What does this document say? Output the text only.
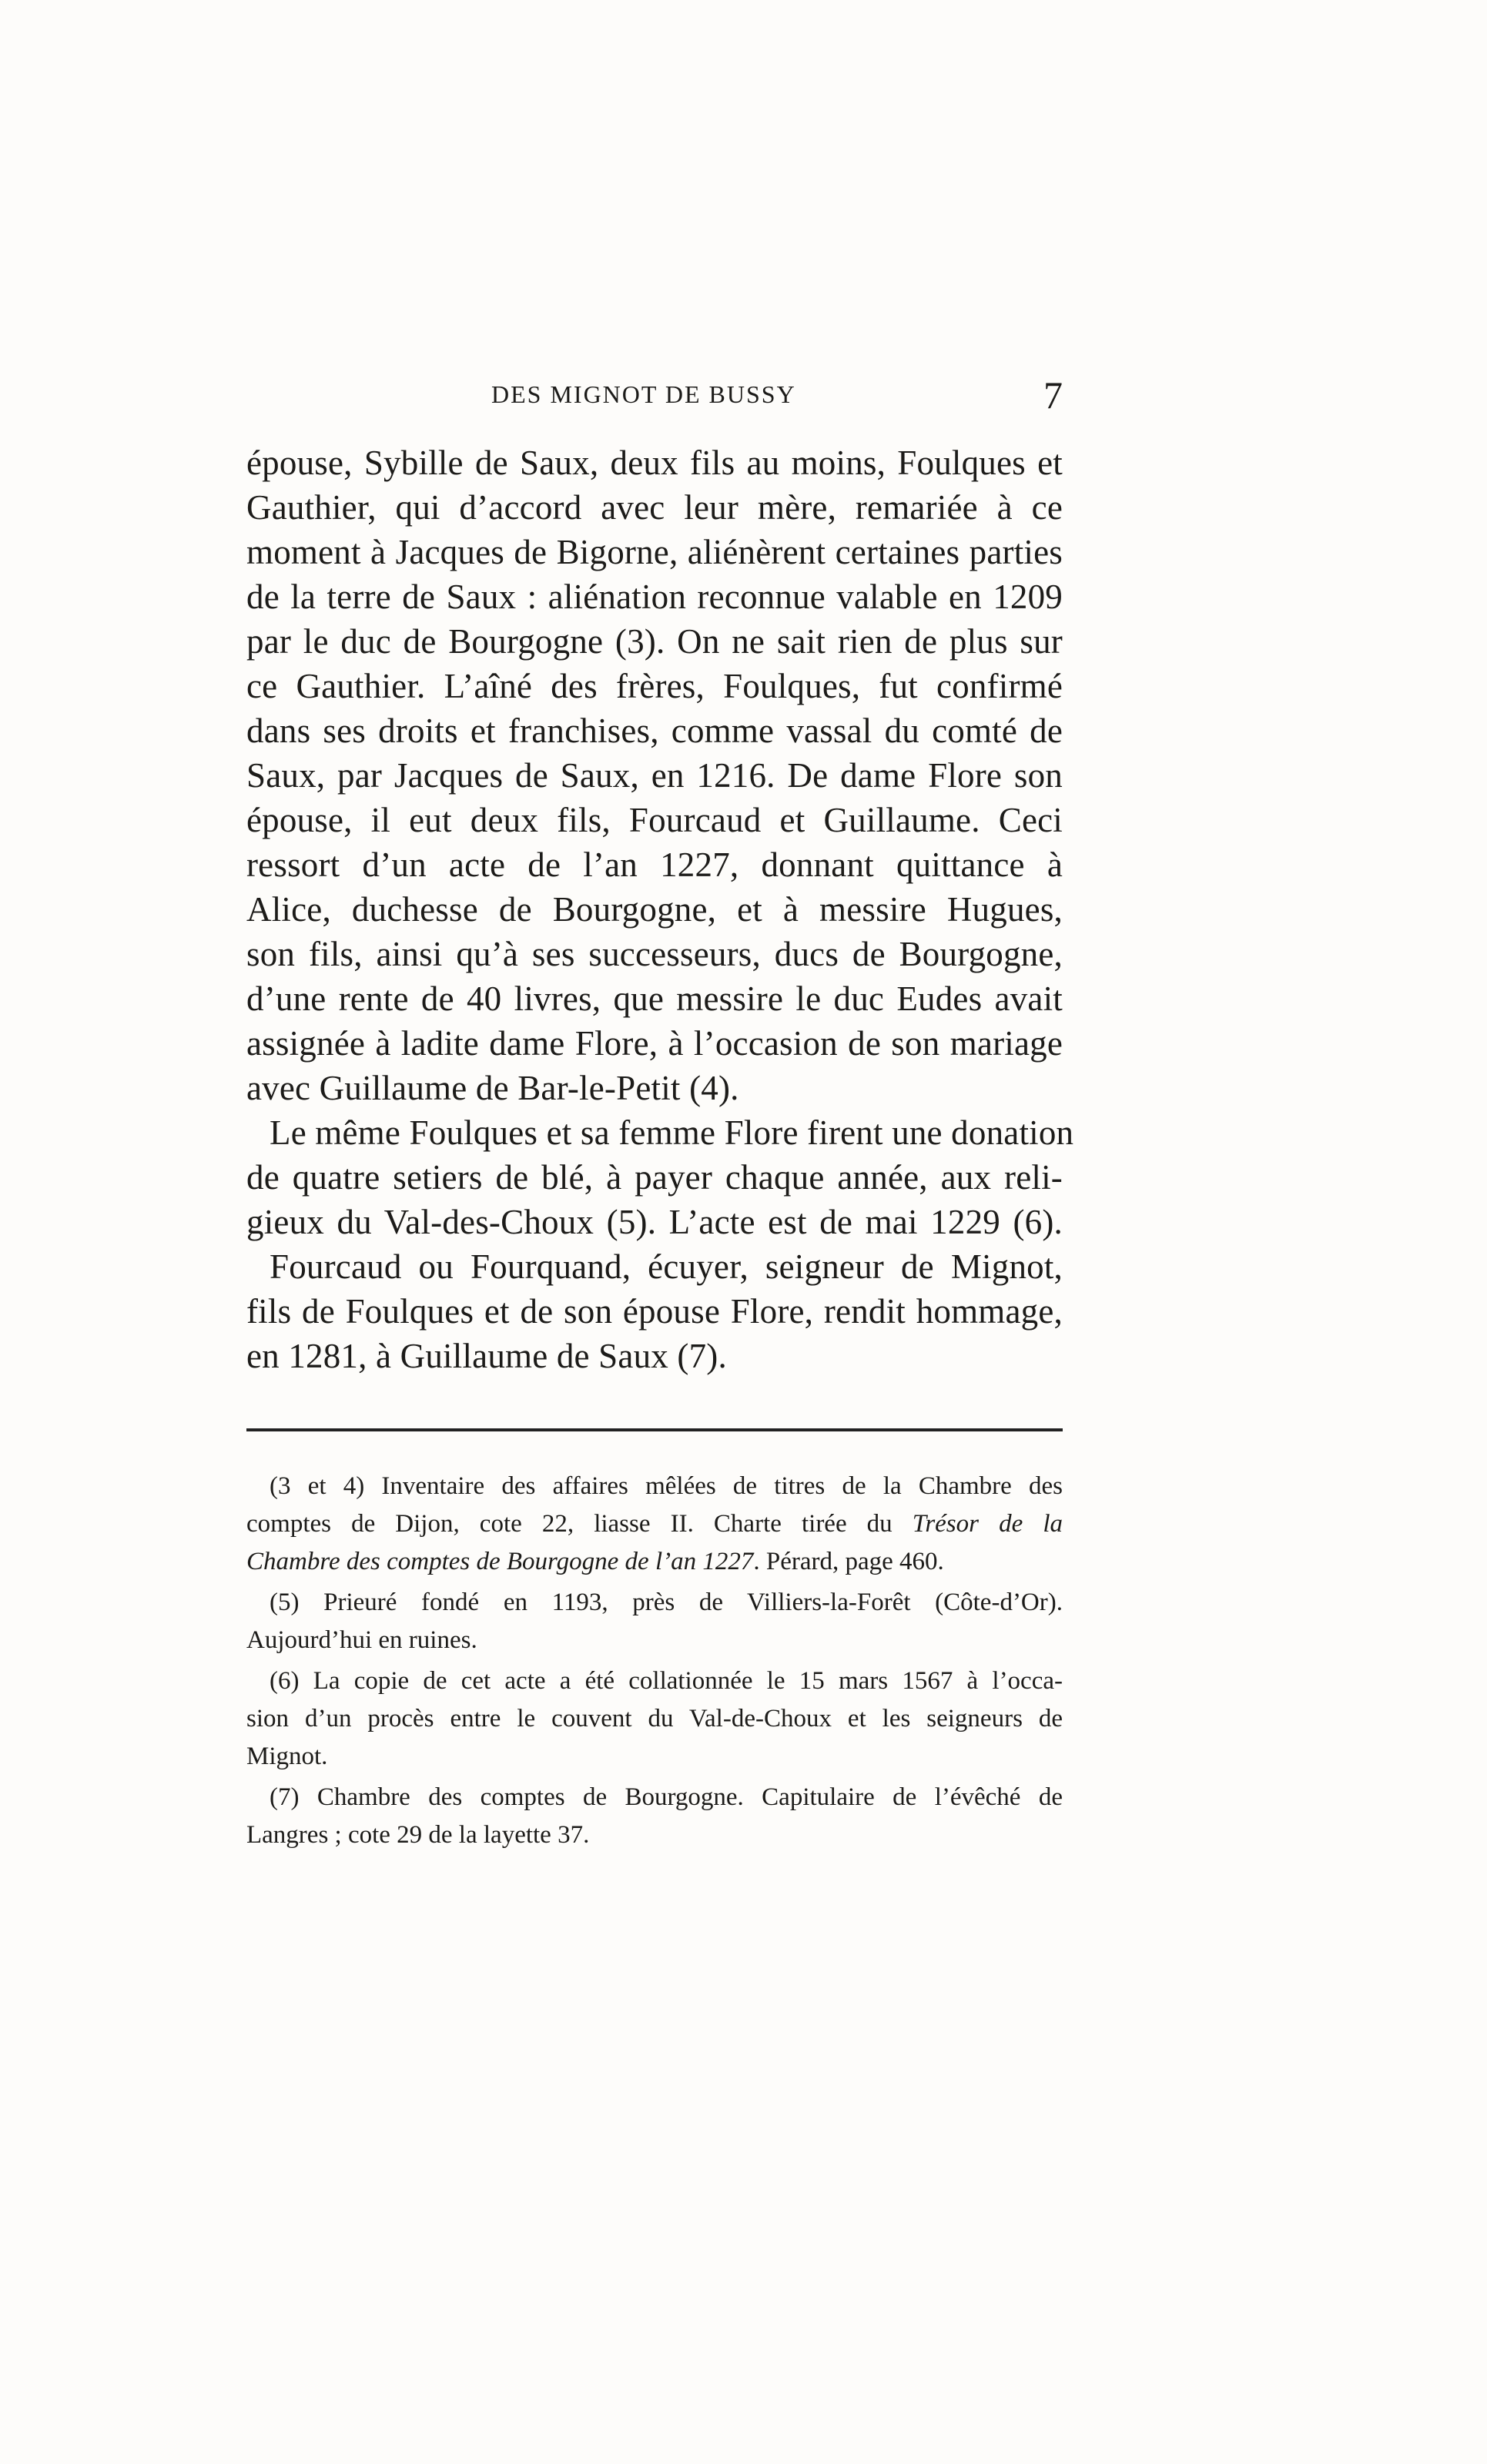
DES MIGNOT DE BUSSY	7
épouse, Sybille de Saux, deux fils au moins, Foulques et
Gauthier, qui d’accord avec leur mère, remariée à ce
moment à Jacques de Bigorne, aliénèrent certaines parties
de la terre de Saux : aliénation reconnue valable en 1209
par le duc de Bourgogne (3). On ne sait rien de plus sur
ce Gauthier. L’aîné des frères, Foulques, fut confirmé
dans ses droits et franchises, comme vassal du comté de
Saux, par Jacques de Saux, en 1216. De dame Flore son
épouse, il eut deux fils, Fourcaud et Guillaume. Ceci
ressort d’un acte de l’an 1227, donnant quittance à
Alice, duchesse de Bourgogne, et à messire Hugues,
son fils, ainsi qu’à ses successeurs, ducs de Bourgogne,
d’une rente de 40 livres, que messire le duc Eudes avait
assignée à ladite dame Flore, à l’occasion de son mariage
avec Guillaume de Bar-le-Petit (4).
Le même Foulques et sa femme Flore firent une donation
de quatre setiers de blé, à payer chaque année, aux reli-
gieux du Val-des-Choux (5). L’acte est de mai 1229 (6).
Fourcaud ou Fourquand, écuyer, seigneur de Mignot,
fils de Foulques et de son épouse Flore, rendit hommage,
en 1281, à Guillaume de Saux (7).
(3 et 4) Inventaire des affaires mêlées de titres de la Chambre des
comptes de Dijon, cote 22, liasse II. Charte tirée du Trésor de la
Chambre des comptes de Bourgogne de l’an 1227. Pérard, page 460.
(5) Prieuré fondé en 1193, près de Villiers-la-Forêt (Côte-d’Or).
Aujourd’hui en ruines.
(6) La copie de cet acte a été collationnée le 15 mars 1567 à l’occa-
sion d’un procès entre le couvent du Val-de-Choux et les seigneurs de
Mignot.
(7) Chambre des comptes de Bourgogne. Capitulaire de l’évêché de
Langres ; cote 29 de la layette 37.
